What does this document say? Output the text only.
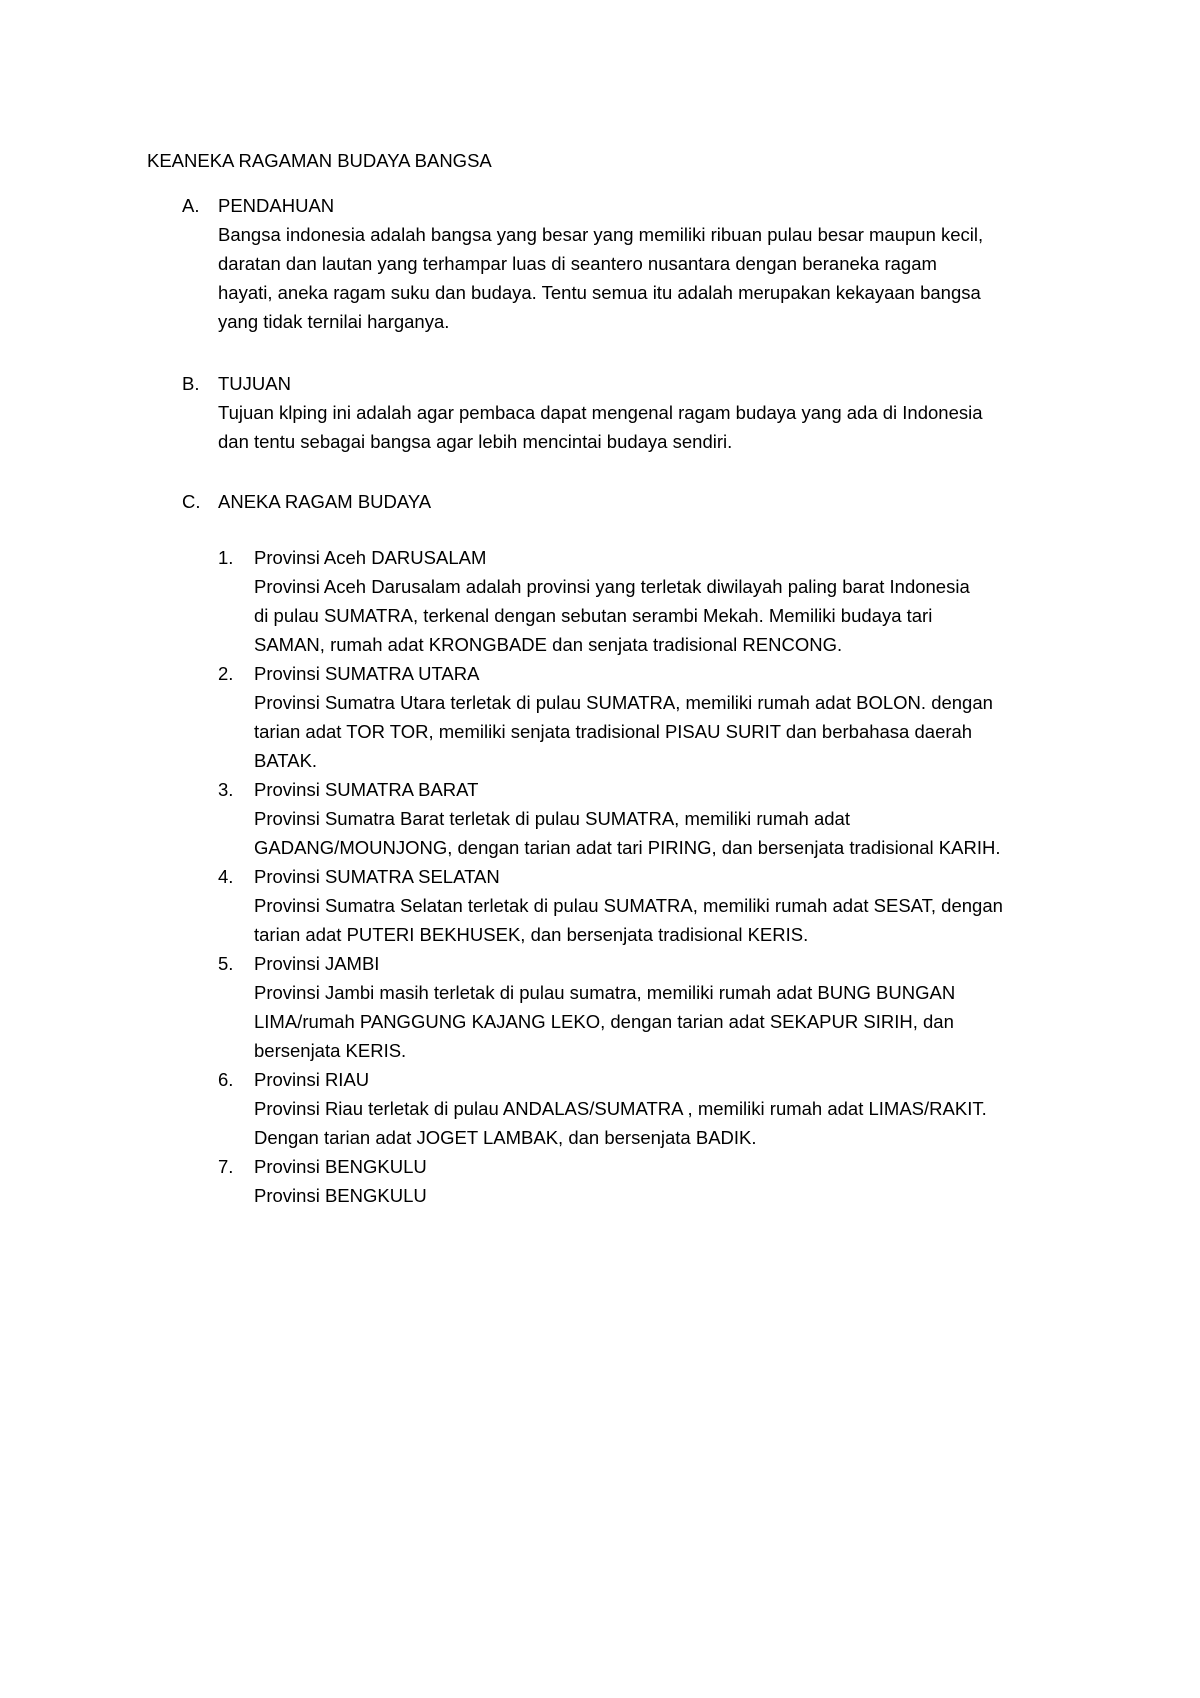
KEANEKA RAGAMAN BUDAYA BANGSA
A.	PENDAHUAN
Bangsa indonesia adalah bangsa yang besar yang memiliki ribuan pulau besar maupun kecil,
daratan dan lautan yang terhampar luas di seantero nusantara dengan beraneka ragam
hayati, aneka ragam suku dan budaya. Tentu semua itu adalah merupakan kekayaan bangsa
yang tidak ternilai harganya.
B.	TUJUAN
Tujuan klping ini adalah agar pembaca dapat mengenal ragam budaya yang ada di Indonesia
dan tentu sebagai bangsa agar lebih mencintai budaya sendiri.
C. ANEKA RAGAM BUDAYA
1.	Provinsi Aceh DARUSALAM
Provinsi Aceh Darusalam adalah provinsi yang terletak diwilayah paling barat Indonesia
di pulau SUMATRA, terkenal dengan sebutan serambi Mekah. Memiliki budaya tari
SAMAN, rumah adat KRONGBADE dan senjata tradisional RENCONG.
2.	Provinsi SUMATRA UTARA
Provinsi Sumatra Utara terletak di pulau SUMATRA, memiliki rumah adat BOLON. dengan
tarian adat TOR TOR, memiliki senjata tradisional PISAU SURIT dan berbahasa daerah
BATAK.
3.	Provinsi SUMATRA BARAT
Provinsi Sumatra Barat terletak di pulau SUMATRA, memiliki rumah adat
GADANG/MOUNJONG, dengan tarian adat tari PIRING, dan bersenjata tradisional KARIH.
4.	Provinsi SUMATRA SELATAN
Provinsi Sumatra Selatan terletak di pulau SUMATRA, memiliki rumah adat SESAT, dengan
tarian adat PUTERI BEKHUSEK, dan bersenjata tradisional KERIS.
5.	Provinsi JAMBI
Provinsi Jambi masih terletak di pulau sumatra, memiliki rumah adat BUNG BUNGAN
LIMA/rumah PANGGUNG KAJANG LEKO, dengan tarian adat SEKAPUR SIRIH, dan
bersenjata KERIS.
6.	Provinsi RIAU
Provinsi Riau terletak di pulau ANDALAS/SUMATRA , memiliki rumah adat LIMAS/RAKIT.
Dengan tarian adat JOGET LAMBAK, dan bersenjata BADIK.
7.	Provinsi BENGKULU
Provinsi BENGKULU
